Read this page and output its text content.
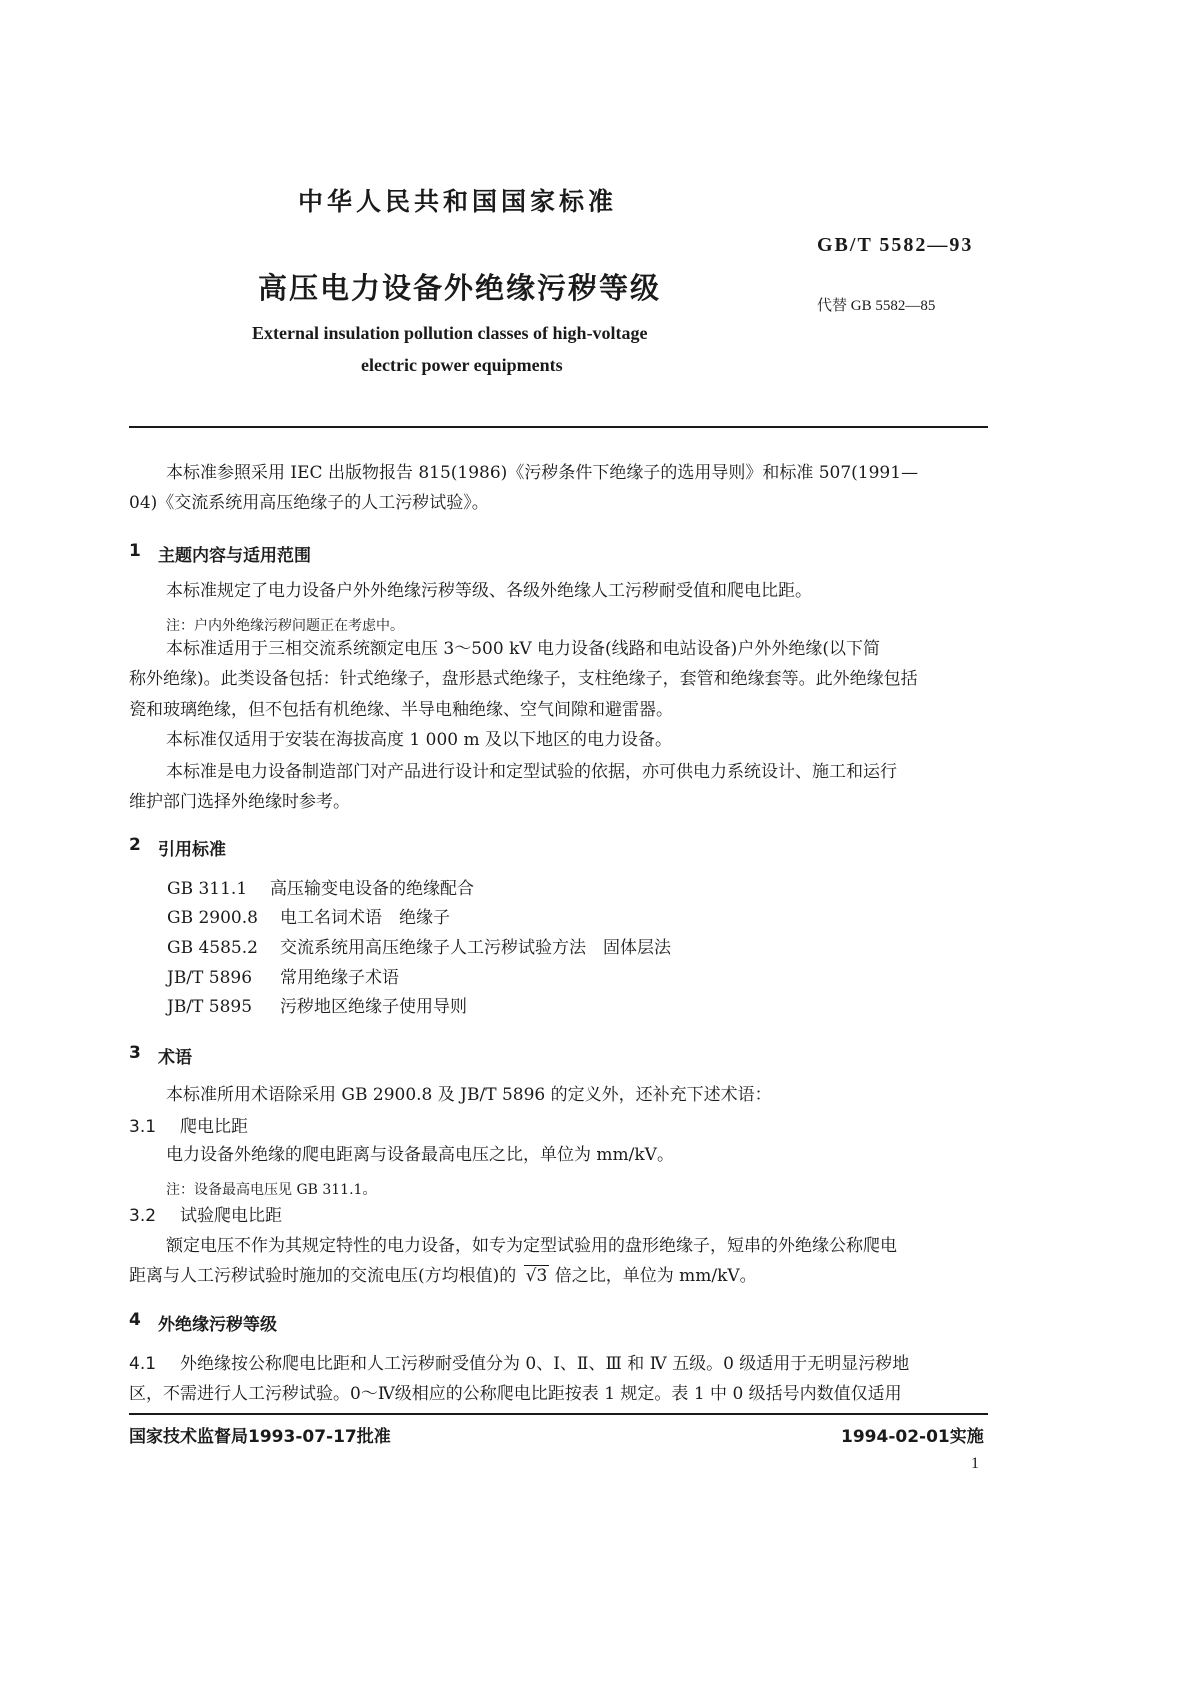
中华人民共和国国家标准
GB/T 5582—93
高压电力设备外绝缘污秽等级
代替 GB 5582—85
External insulation pollution classes of high-voltage
electric power equipments
本标准参照采用 IEC 出版物报告 815(1986)《污秽条件下绝缘子的选用导则》和标准 507(1991—
04)《交流系统用高压绝缘子的人工污秽试验》。
1 主题内容与适用范围
本标准规定了电力设备户外外绝缘污秽等级、各级外绝缘人工污秽耐受值和爬电比距。
注：户内外绝缘污秽问题正在考虑中。
本标准适用于三相交流系统额定电压 3～500 kV 电力设备(线路和电站设备)户外外绝缘(以下简
称外绝缘)。此类设备包括：针式绝缘子，盘形悬式绝缘子，支柱绝缘子，套管和绝缘套等。此外绝缘包括
瓷和玻璃绝缘，但不包括有机绝缘、半导电釉绝缘、空气间隙和避雷器。
本标准仅适用于安装在海拔高度 1 000 m 及以下地区的电力设备。
本标准是电力设备制造部门对产品进行设计和定型试验的依据，亦可供电力系统设计、施工和运行
维护部门选择外绝缘时参考。
2 引用标准
GB 311.1 高压输变电设备的绝缘配合
GB 2900.8 电工名词术语　绝缘子
GB 4585.2 交流系统用高压绝缘子人工污秽试验方法　固体层法
JB/T 5896 常用绝缘子术语
JB/T 5895 污秽地区绝缘子使用导则
3 术语
本标准所用术语除采用 GB 2900.8 及 JB/T 5896 的定义外，还补充下述术语：
3.1 爬电比距
电力设备外绝缘的爬电距离与设备最高电压之比，单位为 mm/kV。
注：设备最高电压见 GB 311.1。
3.2 试验爬电比距
额定电压不作为其规定特性的电力设备，如专为定型试验用的盘形绝缘子，短串的外绝缘公称爬电
距离与人工污秽试验时施加的交流电压(方均根值)的 √3 倍之比，单位为 mm/kV。
4 外绝缘污秽等级
4.1 外绝缘按公称爬电比距和人工污秽耐受值分为 0、Ⅰ、Ⅱ、Ⅲ 和 Ⅳ 五级。0 级适用于无明显污秽地
区，不需进行人工污秽试验。0～Ⅳ级相应的公称爬电比距按表 1 规定。表 1 中 0 级括号内数值仅适用
国家技术监督局1993-07-17批准	1994-02-01实施
1
